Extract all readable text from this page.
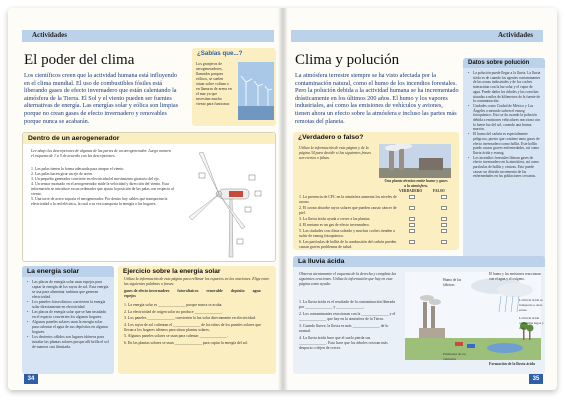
Actividades
El poder del clima
Los científicos creen que la actividad humana está influyendo en el clima mundial. El uso de combustibles fósiles está liberando gases de efecto invernadero que están calentando la atmósfera de la Tierra. El Sol y el viento pueden ser fuentes alternativas de energía. Las energías solar y eólica son limpias porque no crean gases de efecto invernadero y renovables porque nunca se acabarán.
¿Sabías que...?
Los granjeros de aerogeneradores, llamados parques eólicos, se suelen situar sobre colinas o en llanuras de arena en el mar ya que necesitan mucho viento para funcionar.
Dentro de un aerogenerador
Lee abajo las descripciones de algunas de las partes de un aerogenerador. Luego numera el esquema de 1 a 5 de acuerdo con las descripciones.
1. Las palas tienen la forma adecuada para atrapar el viento.
2. Las palas hacen girar un eje de acero.
3. Un pequeño generador convierte en electricidad el movimiento giratorio del eje.
4. Un sensor montado en el aerogenerador mide la velocidad y dirección del viento. Esta información se introduce en un ordenador que ajusta la posición de las palas con respecto al viento.
5. Una torre de acero soporta el aerogenerador. Por dentro hay cables que transportan la electricidad a la red eléctrica, la cual a su vez transporta la energía a los hogares.
La energía solar
• Las placas de energía solar usan espejos para captar la energía de los rayos de sol. Esta energía se usa para alimentar turbinas que generan electricidad.
• Los paneles fotovoltaicos convierten la energía solar directamente en electricidad.
• Las placas de energía solar que se han instalado en el espacio convierten los algunos hogares.
• Algunos paneles solares usan la energía solar para calentar el agua de sus depósitos en algunos hogares.
• Los desiertos cálidos son lugares idóneos para instalar las plantas solares porque allí brilla el sol de manera casi ilimitada.
Ejercicio sobre la energía solar
Utiliza la información de esta página para rellenar los espacios en las oraciones. Elige entre las siguientes palabras o frases:
gases de efecto invernadero fotovoltaicos renovable depósito agua
espejos
1. La energía solar es ______________ porque nunca se acaba.
2. La electricidad de origen solar no produce ______________.
3. Los paneles ______________ convierten la luz solar directamente en electricidad.
4. Los rayos de sol calientan el ______________ de los tubos de los paneles solares que llevan a los hogares idóneos para situar plantas solares.
5. Algunos paneles solares se usan para calentar ______________.
6. En las plantas solares se usan ______________ para captar la energía del sol.
34
Actividades
Clima y polución
La atmósfera terrestre siempre se ha visto afectada por la contaminación natural, como el humo de los incendios forestales. Pero la polución debida a la actividad humana se ha incrementado drásticamente en los últimos 200 años. El humo y los vapores industriales, así como las emisiones de vehículos y aviones, tienen ahora un efecto sobre la atmósfera e incluso las partes más remotas del planeta.
¿Verdadero o falso?
Utiliza la información de esta página y de la página 34 para decidir si las siguientes frases son ciertas o falsas.
Una planta térmica emite humo y gases a la atmósfera.
VERDADERO	FALSO
1. La presencia de CFC en la atmósfera aumenta los niveles de ozono.
2. El ozono absorbe rayos solares que pueden causar cáncer de piel.
3. La lluvia ácida ayuda a crecer a las plantas.
4. El metano es un gas de efecto invernadero.
5. Las ciudades con clima soleado y muchos coches tienden a sufrir de esmog fotoquímico.
6. Las partículas de hollín de la combustión del carbón pueden causar graves problemas de salud.
Datos sobre polución
• La polución puede llegar a la lluvia. La lluvia ácida es de cuando los agentes contaminantes de las zonas industriales y de los coches interactúan con la luz solar y el vapor de agua. Puede dañar los árboles y las cosechas situadas a miles de kilómetros de la fuente de la contaminación.
• Ciudades como Ciudad de México y Los Ángeles a menudo sufren el esmog fotoquímico. Esto se da cuando la polución debida a emisiones vehiculares reacciona con la fuerte luz del sol, creando una bruma marrón.
• El humo del carbón es especialmente peligroso, puesto que contiene tanto gases de efecto invernadero como hollín. Este hollín puede causar graves enfermedades, así como lluvia ácida y esmog.
• Los incendios forestales liberan gases de efecto invernadero en la atmósfera, así como partículas de hollín y cenizas. Esto puede causar un dióxido incremento de las enfermedades en las poblaciones cercanas.
La lluvia ácida
Observa atentamente el esquema de la derecha y completa las siguientes oraciones. Utiliza la información que hay en esta página como ayuda.
1. La lluvia ácida es el resultado de la contaminación liberada por ______________ y ______________.
2. Los contaminantes reaccionan con la ______________ y el ______________ que hay en la atmósfera de la Tierra.
3. Cuando llueve, la lluvia es más ______________ de lo normal.
4. La lluvia ácida hace que el suelo pierda sus ______________. Esto hace que los árboles crezcan más despacio o dejen de crecer.
El humo y las emisiones reaccionan con el agua y el oxígeno.
Humo de las fábricas
La lluvia ácida se transporta a otras zonas
La lluvia ácida contamina lagos y ríos
Emisiones de los vehículos
Formación de la lluvia ácida
35
